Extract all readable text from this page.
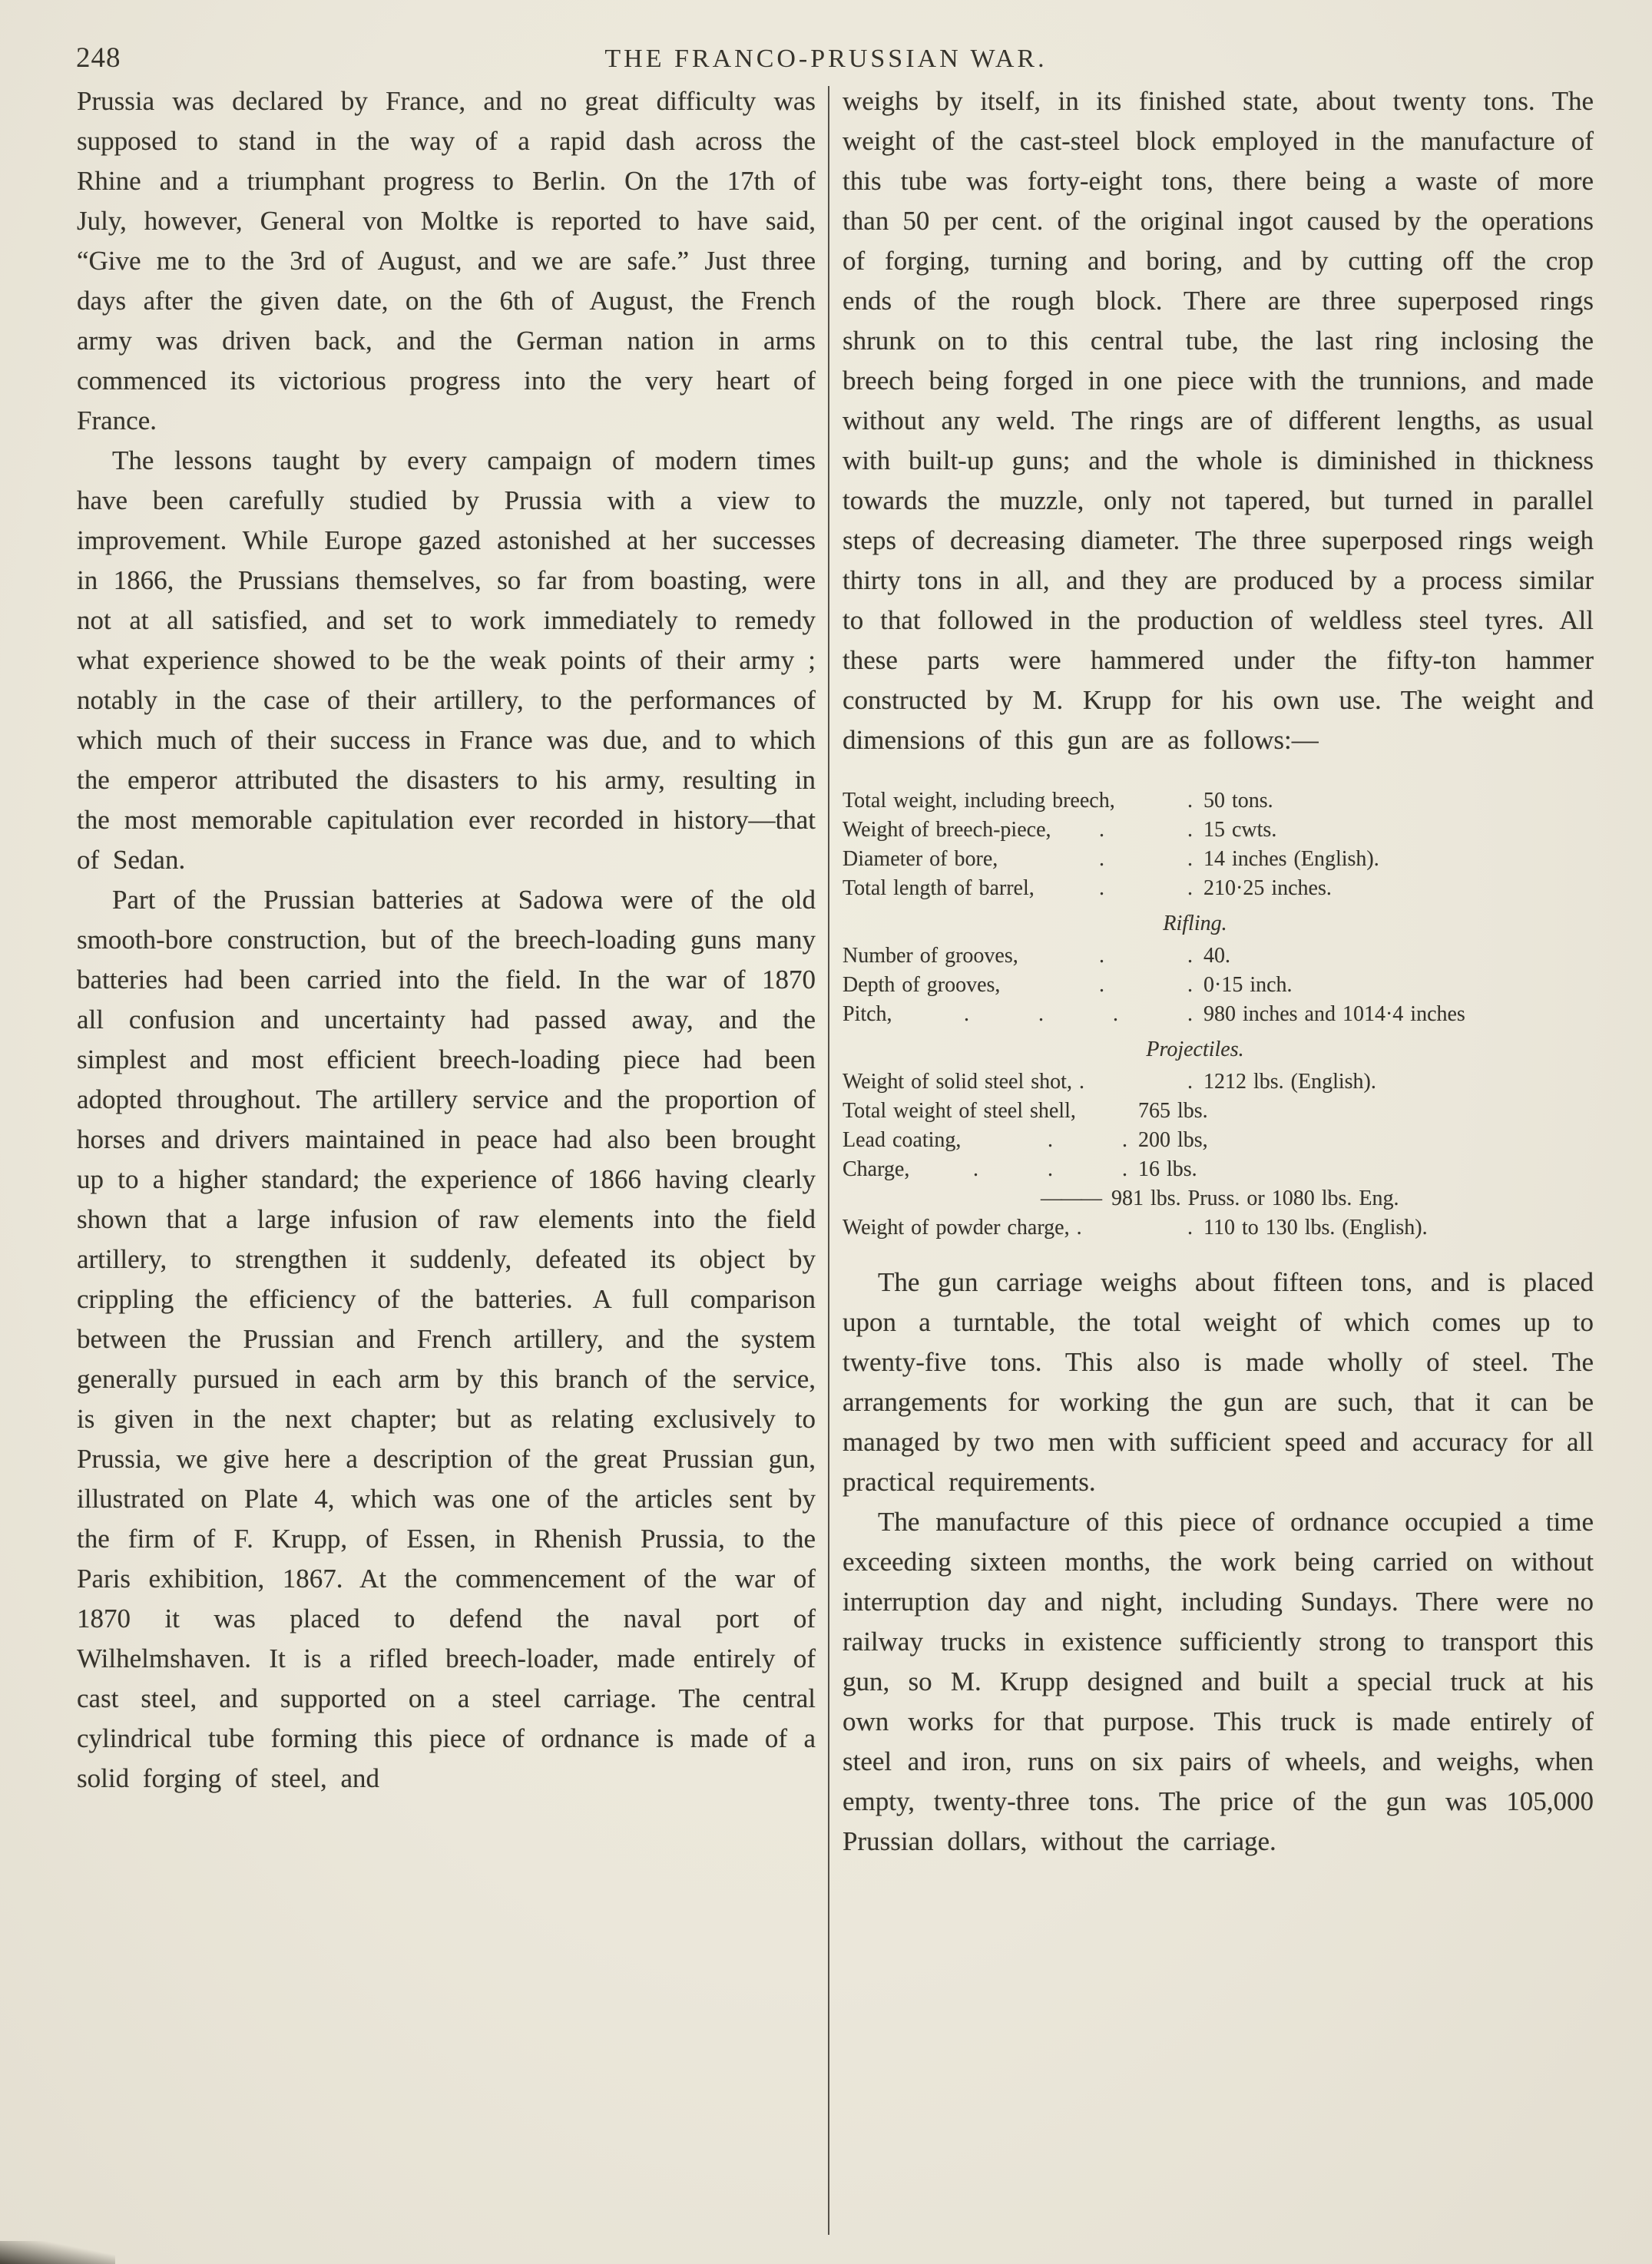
248	THE FRANCO-PRUSSIAN WAR.

Prussia was declared by France, and no great difficulty was supposed to stand in the way of a rapid dash across the Rhine and a triumphant progress to Berlin. On the 17th of July, however, General von Moltke is reported to have said, “Give me to the 3rd of August, and we are safe.” Just three days after the given date, on the 6th of August, the French army was driven back, and the German nation in arms commenced its victorious progress into the very heart of France.

The lessons taught by every campaign of modern times have been carefully studied by Prussia with a view to improvement. While Europe gazed astonished at her successes in 1866, the Prussians themselves, so far from boasting, were not at all satisfied, and set to work immediately to remedy what experience showed to be the weak points of their army ; notably in the case of their artillery, to the performances of which much of their success in France was due, and to which the emperor attributed the disasters to his army, resulting in the most memorable capitulation ever recorded in history—that of Sedan.

Part of the Prussian batteries at Sadowa were of the old smooth-bore construction, but of the breech-loading guns many batteries had been carried into the field. In the war of 1870 all confusion and uncertainty had passed away, and the simplest and most efficient breech-loading piece had been adopted throughout. The artillery service and the proportion of horses and drivers maintained in peace had also been brought up to a higher standard; the experience of 1866 having clearly shown that a large infusion of raw elements into the field artillery, to strengthen it suddenly, defeated its object by crippling the efficiency of the batteries. A full comparison between the Prussian and French artillery, and the system generally pursued in each arm by this branch of the service, is given in the next chapter; but as relating exclusively to Prussia, we give here a description of the great Prussian gun, illustrated on Plate 4, which was one of the articles sent by the firm of F. Krupp, of Essen, in Rhenish Prussia, to the Paris exhibition, 1867. At the commencement of the war of 1870 it was placed to defend the naval port of Wilhelmshaven. It is a rifled breech-loader, made entirely of cast steel, and supported on a steel carriage. The central cylindrical tube forming this piece of ordnance is made of a solid forging of steel, and

weighs by itself, in its finished state, about twenty tons. The weight of the cast-steel block employed in the manufacture of this tube was forty-eight tons, there being a waste of more than 50 per cent. of the original ingot caused by the operations of forging, turning and boring, and by cutting off the crop ends of the rough block. There are three superposed rings shrunk on to this central tube, the last ring inclosing the breech being forged in one piece with the trunnions, and made without any weld. The rings are of different lengths, as usual with built-up guns; and the whole is diminished in thickness towards the muzzle, only not tapered, but turned in parallel steps of decreasing diameter. The three superposed rings weigh thirty tons in all, and they are produced by a process similar to that followed in the production of weldless steel tyres. All these parts were hammered under the fifty-ton hammer constructed by M. Krupp for his own use. The weight and dimensions of this gun are as follows:—

Total weight, including breech,	. 50 tons.
Weight of breech-piece, .            . 15 cwts.
Diameter of bore,	.            . 14 inches (English).
Total length of barrel,	.            . 210·25 inches.
Rifling.
Number of grooves,	.            . 40.
Depth of grooves,	.            . 0·15 inch.
Pitch,	.          .          .          . 980 inches and 1014·4 inches
Projectiles.
Weight of solid steel shot, .	. 1212 lbs. (English).
Total weight of steel shell,	765 lbs.
Lead coating,	.          . 200 lbs,
Charge,	.          .          . 16 lbs.
——— 981 lbs. Pruss. or 1080 lbs. Eng.
Weight of powder charge, .	. 110 to 130 lbs. (English).

The gun carriage weighs about fifteen tons, and is placed upon a turntable, the total weight of which comes up to twenty-five tons. This also is made wholly of steel. The arrangements for working the gun are such, that it can be managed by two men with sufficient speed and accuracy for all practical requirements.

The manufacture of this piece of ordnance occupied a time exceeding sixteen months, the work being carried on without interruption day and night, including Sundays. There were no railway trucks in existence sufficiently strong to transport this gun, so M. Krupp designed and built a special truck at his own works for that purpose. This truck is made entirely of steel and iron, runs on six pairs of wheels, and weighs, when empty, twenty-three tons. The price of the gun was 105,000 Prussian dollars, without the carriage.
